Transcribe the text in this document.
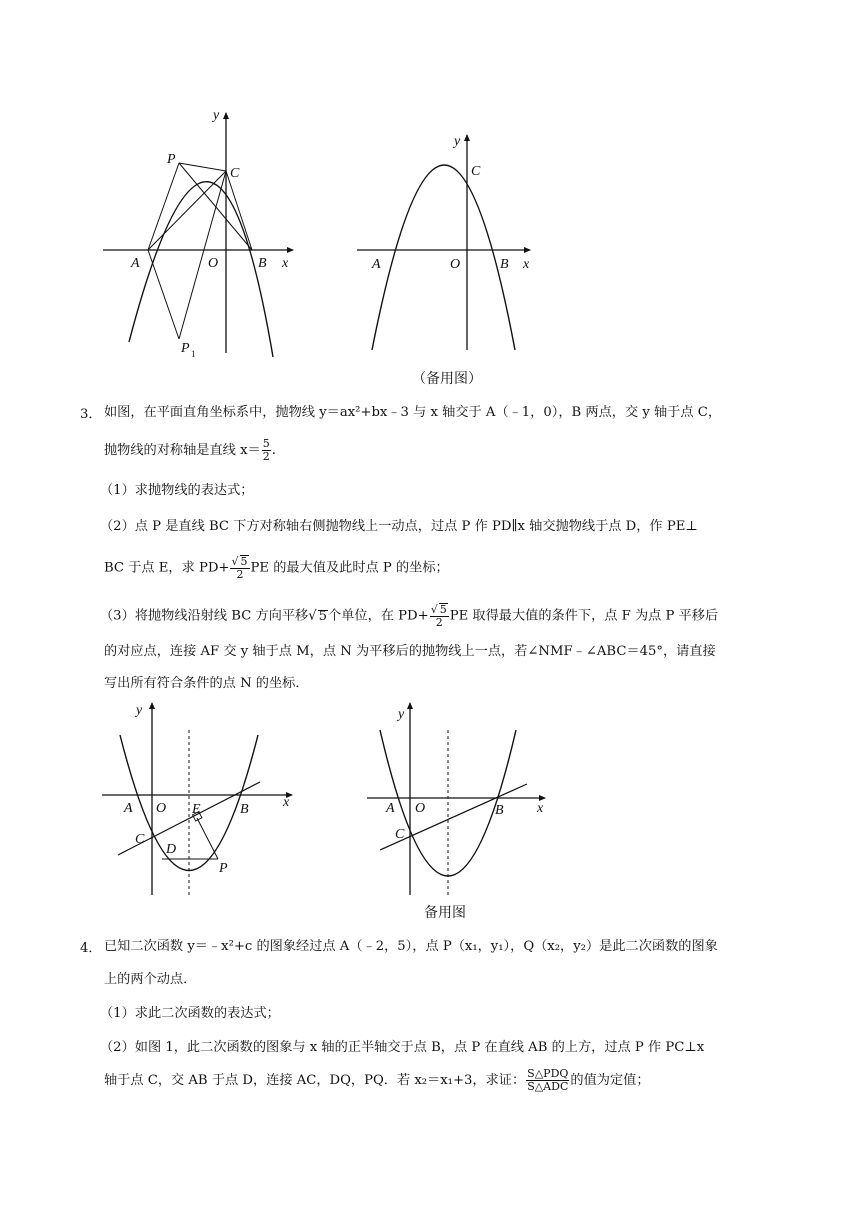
y
P
C
A	O	B x
P 1
y
C
A	O	B x
（备用图）
3． 如图，在平面直角坐标系中，抛物线 y＝ax²+bx﹣3 与 x 轴交于 A（﹣1，0），B 两点，交 y 轴于点 C，
抛物线的对称轴是直线 $x= \frac{5}{2}$ .
（1）求抛物线的表达式；
（2）点 P 是直线 BC 下方对称轴右侧抛物线上一动点，过点 P 作 PD∥x 轴交抛物线于点 D，作 PE⊥
BC 于点 E，求 $PD+ \frac{√ 5}{2}$ PE 的最大值及此时点 P 的坐标；
（3）将抛物线沿射线 BC 方向平移√ 5个单位，在 $PD+ \frac{√ 5}{2}$ PE 取得最大值的条件下，点 F 为点 P 平移后
的对应点，连接 AF 交 y 轴于点 M，点 N 为平移后的抛物线上一点，若∠NMF﹣∠ABC＝45°，请直接
写出所有符合条件的点 N 的坐标．
y
A O E	B x
C
D
P
y
A O	B x
C
备用图
4． 已知二次函数 y＝﹣x²+c 的图象经过点 A（﹣2，5），点 P（x₁，y₁），Q（x₂，y₂）是此二次函数的图象
上的两个动点．
（1）求此二次函数的表达式；
（2）如图 1，此二次函数的图象与 x 轴的正半轴交于点 B，点 P 在直线 AB 的上方，过点 P 作 PC⊥x
轴于点 C，交 AB 于点 D，连接 AC，DQ，PQ．若 x₂＝x₁+3，求证： $\frac{\text{S△PDQ}}{\text{S△ADC}}$ 的值为定值；
